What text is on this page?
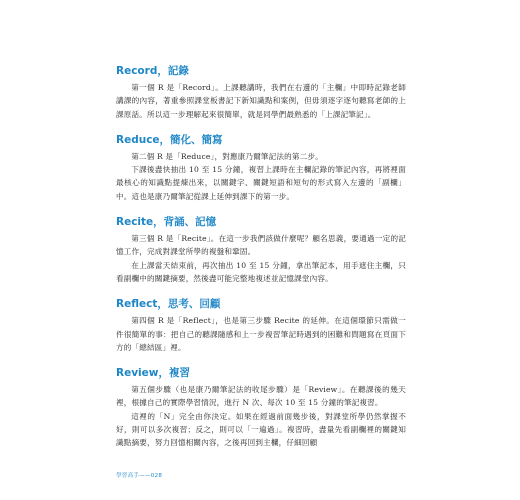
Record，記錄

第一個 R 是「Record」。上課聽講時，我們在右邊的「主欄」中即時記錄老師講課的內容，著重參照課堂板書記下新知識點和案例，但毋須逐字逐句聽寫老師的上課原話。所以這一步理解起來很簡單，就是同學們最熟悉的「上課記筆記」。

Reduce，簡化、簡寫

第二個 R 是「Reduce」，對應康乃爾筆記法的第二步。

下課後盡快抽出 10 至 15 分鐘，複習上課時在主欄記錄的筆記內容，再將裡面最核心的知識點提煉出來，以關鍵字、關鍵短語和短句的形式寫入左邊的「副欄」中。這也是康乃爾筆記從課上延伸到課下的第一步。

Recite，背誦、記憶

第三個 R 是「Recite」。在這一步我們該做什麼呢？顧名思義，要通過一定的記憶工作，完成對課堂所學的複盤和鞏固。

在上課當天結束前，再次抽出 10 至 15 分鐘，拿出筆記本，用手遮住主欄，只看副欄中的關鍵摘要，然後盡可能完整地複述並記憶課堂內容。

Reflect，思考、回顧

第四個 R 是「Reflect」，也是第三步驟 Recite 的延伸。在這個環節只需做一件很簡單的事：把自己的聽課隨感和上一步複習筆記時遇到的困難和問題寫在頁面下方的「總結區」裡。

Review，複習

第五個步驟（也是康乃爾筆記法的收尾步驟）是「Review」。在聽課後的幾天裡，根據自己的實際學習情況，進行 N 次、每次 10 至 15 分鐘的筆記複習。

這裡的「N」完全由你決定。如果在經過前面幾步後，對課堂所學仍然掌握不好，則可以多次複習；反之，則可以「一遍過」。複習時，盡量先看副欄裡的關鍵知識點摘要，努力回憶相關內容，之後再回到主欄，仔細回顧

學習高手——028
